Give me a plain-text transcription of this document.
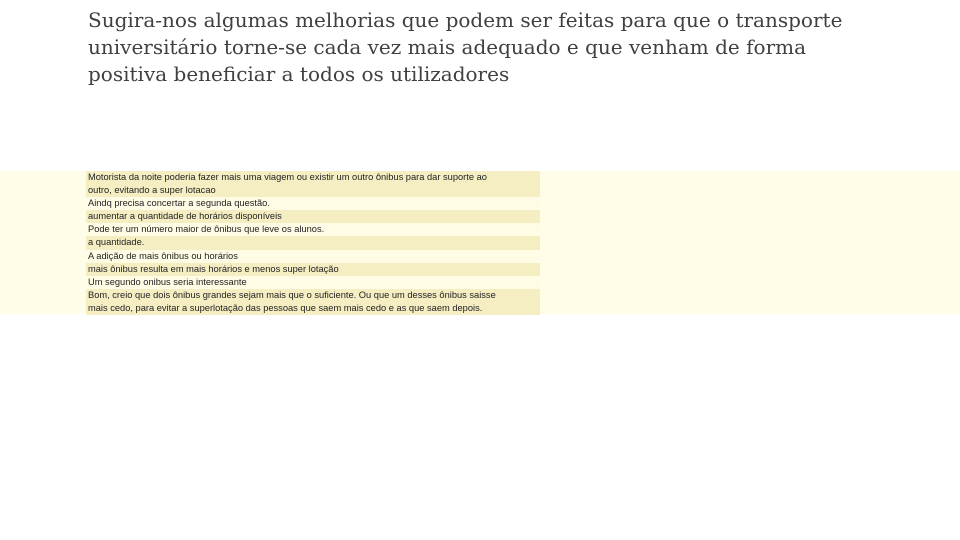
Sugira-nos algumas melhorias que podem ser feitas para que o transporte universitário torne-se cada vez mais adequado e que venham de forma positiva beneficiar a todos os utilizadores
Motorista da noite poderia fazer mais uma viagem ou existir um outro ônibus para dar suporte ao
outro, evitando a super lotacao
Aindq precisa concertar a segunda questão.
aumentar a quantidade de horários disponíveis
Pode ter um número maior de ônibus que leve os alunos.
a quantidade.
A adição de mais ônibus ou horários
mais ônibus resulta em mais horários e menos super lotação
Um segundo onibus seria interessante
Bom, creio que dois ônibus grandes sejam mais que o suficiente. Ou que um desses ônibus saisse
mais cedo, para evitar a superlotação das pessoas que saem mais cedo e as que saem depois.
